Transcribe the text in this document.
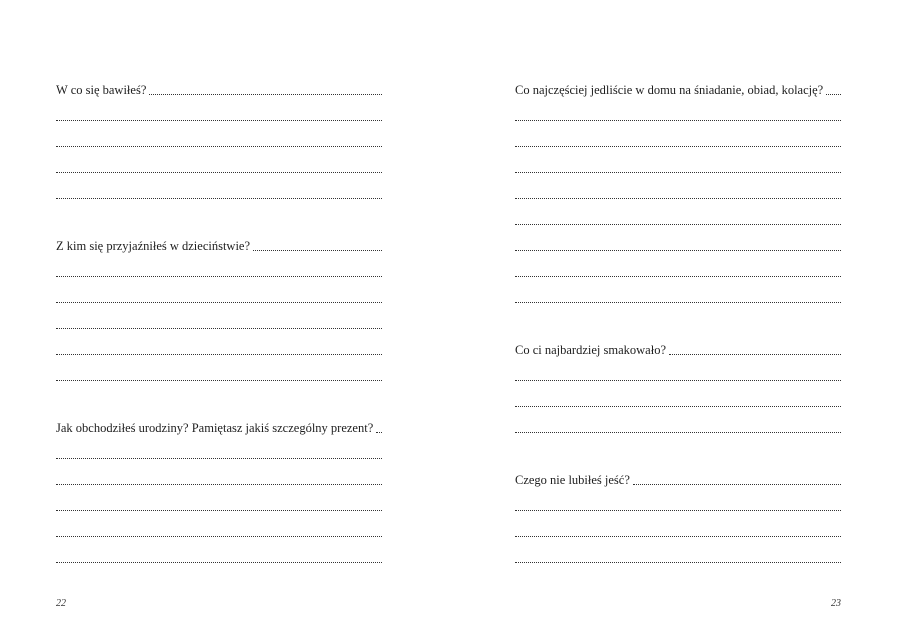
W co się bawiłeś?
Z kim się przyjaźniłeś w dzieciństwie?
Jak obchodziłeś urodziny? Pamiętasz jakiś szczególny prezent?
22
Co najczęściej jedliście w domu na śniadanie, obiad, kolację?
Co ci najbardziej smakowało?
Czego nie lubiłeś jeść?
23
